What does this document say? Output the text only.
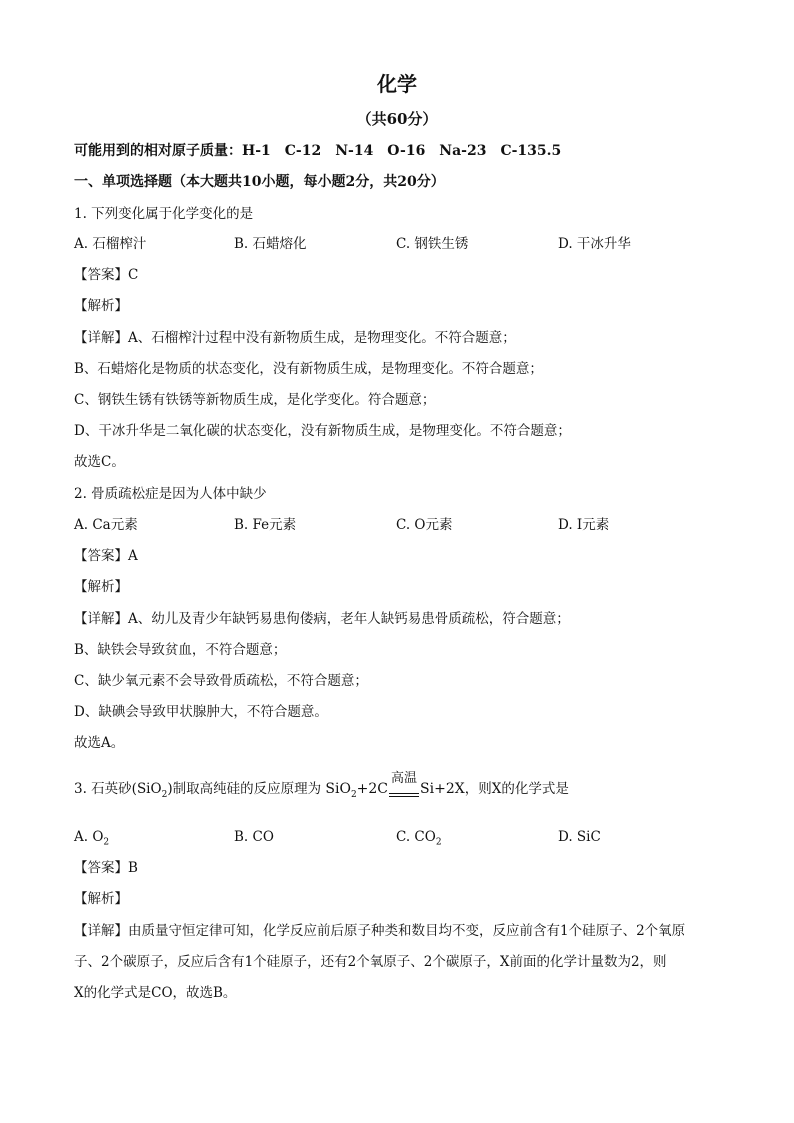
化学
（共60分）
可能用到的相对原子质量：H-1　C-12　N-14　O-16　Na-23　C-135.5
一、单项选择题（本大题共10小题，每小题2分，共20分）
1. 下列变化属于化学变化的是
A. 石榴榨汁	B. 石蜡熔化	C. 钢铁生锈	D. 干冰升华
【答案】C
【解析】
【详解】A、石榴榨汁过程中没有新物质生成，是物理变化。不符合题意；
B、石蜡熔化是物质的状态变化，没有新物质生成，是物理变化。不符合题意；
C、钢铁生锈有铁锈等新物质生成，是化学变化。符合题意；
D、干冰升华是二氧化碳的状态变化，没有新物质生成，是物理变化。不符合题意；
故选C。
2. 骨质疏松症是因为人体中缺少
A. Ca元素	B. Fe元素	C. O元素	D. I元素
【答案】A
【解析】
【详解】A、幼儿及青少年缺钙易患佝偻病，老年人缺钙易患骨质疏松，符合题意；
B、缺铁会导致贫血，不符合题意；
C、缺少氧元素不会导致骨质疏松，不符合题意；
D、缺碘会导致甲状腺肿大，不符合题意。
故选A。
3. 石英砂(SiO$_2$)制取高纯硅的反应原理为 SiO$_2$+2C
高温
Si+2X，则X的化学式是
A. $O_2$	B. CO	C. $CO_2$	D. SiC
【答案】B
【解析】
【详解】由质量守恒定律可知，化学反应前后原子种类和数目均不变，反应前含有1个硅原子、2个氧原
子、2个碳原子，反应后含有1个硅原子，还有2个氧原子、2个碳原子，X前面的化学计量数为2，则
X的化学式是CO，故选B。
